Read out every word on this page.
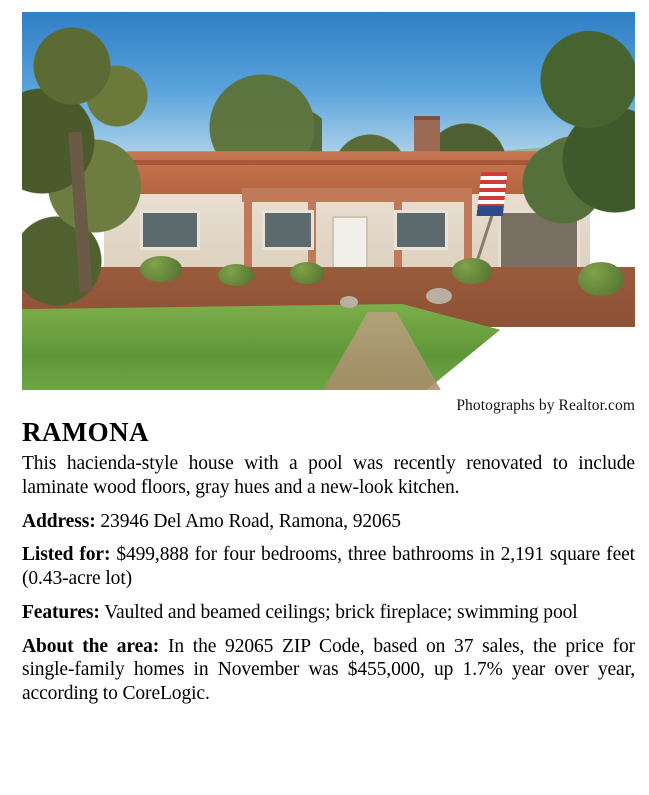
Photographs by Realtor.com
RAMONA

This hacienda-style house with a pool was recently renovated to include laminate wood floors, gray hues and a new-look kitchen.

Address: 23946 Del Amo Road, Ramona, 92065

Listed for: $499,888 for four bedrooms, three bathrooms in 2,191 square feet (0.43-acre lot)

Features: Vaulted and beamed ceilings; brick fireplace; swimming pool

About the area: In the 92065 ZIP Code, based on 37 sales, the price for single-family homes in November was $455,000, up 1.7% year over year, according to CoreLogic.
